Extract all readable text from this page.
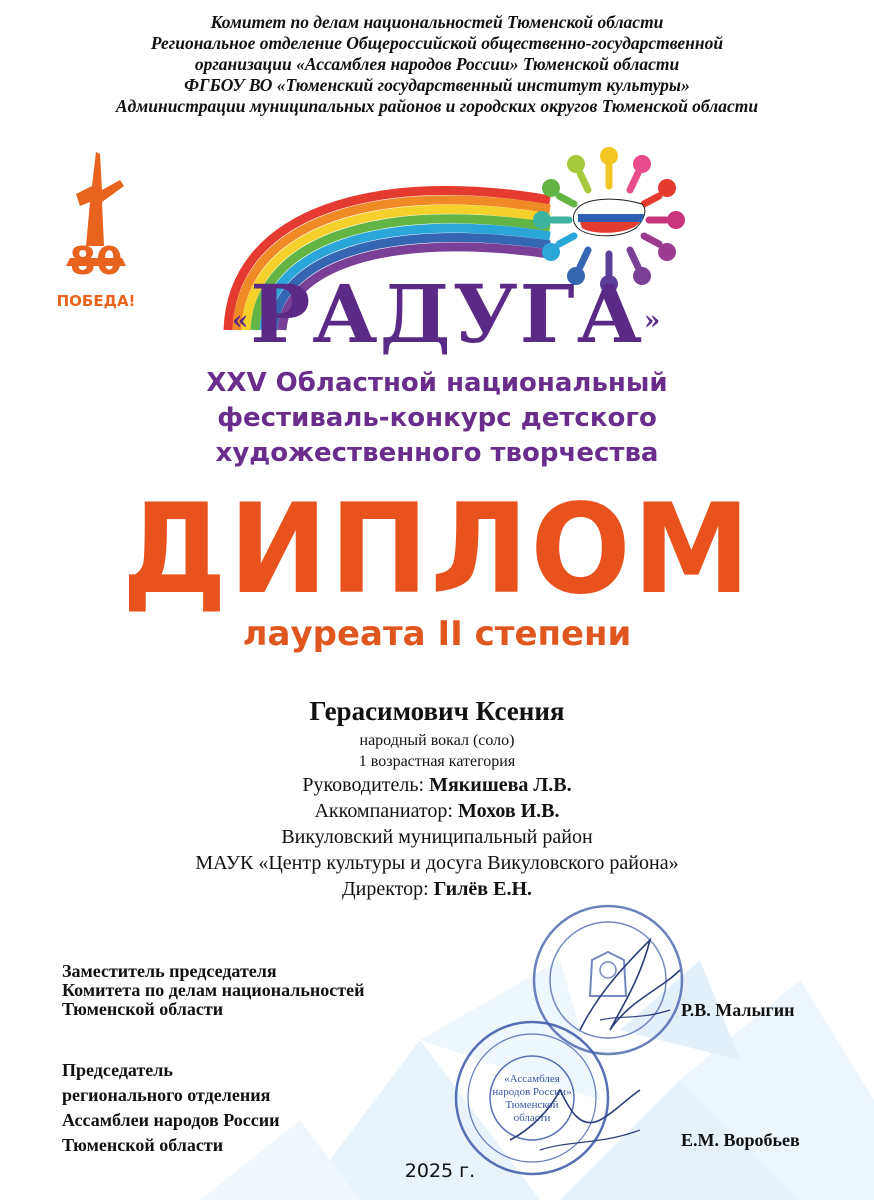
Комитет по делам национальностей Тюменской области
Региональное отделение Общероссийской общественно-государственной
организации «Ассамблея народов России» Тюменской области
ФГБОУ ВО «Тюменский государственный институт культуры»
Администрации муниципальных районов и городских округов Тюменской области
80
ПОБЕДА!
«РАДУГА»
XXV Областной национальный
фестиваль-конкурс детского
художественного творчества
ДИПЛОМ
лауреата II степени
Герасимович Ксения
народный вокал (соло)
1 возрастная категория
Руководитель: Мякишева Л.В.
Аккомпаниатор: Мохов И.В.
Викуловский муниципальный район
МАУК «Центр культуры и досуга Викуловского района»
Директор: Гилёв Е.Н.
«Ассамблея
народов России»
Тюменской
области
Заместитель председателя
Комитета по делам национальностей
Тюменской области	Р.В. Малыгин
Председатель
регионального отделения
Ассамблеи народов России
Тюменской области	Е.М. Воробьев
2025 г.
